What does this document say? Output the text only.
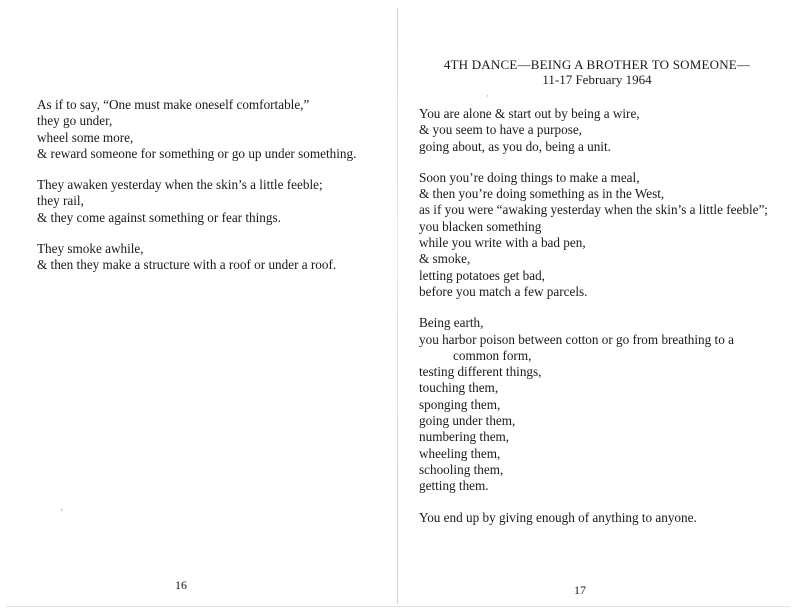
As if to say, “One must make oneself comfortable,”
they go under,
wheel some more,
& reward someone for something or go up under something.
They awaken yesterday when the skin’s a little feeble;
they rail,
& they come against something or fear things.
They smoke awhile,
& then they make a structure with a roof or under a roof.
‘
16
4TH DANCE—BEING A BROTHER TO SOMEONE—
11-17 February 1964
·
You are alone & start out by being a wire,
& you seem to have a purpose,
going about, as you do, being a unit.
Soon you’re doing things to make a meal,
& then you’re doing something as in the West,
as if you were “awaking yesterday when the skin’s a little feeble”;
you blacken something
while you write with a bad pen,
& smoke,
letting potatoes get bad,
before you match a few parcels.
Being earth,
you harbor poison between cotton or go from breathing to a
common form,
testing different things,
touching them,
sponging them,
going under them,
numbering them,
wheeling them,
schooling them,
getting them.
You end up by giving enough of anything to anyone.
17
